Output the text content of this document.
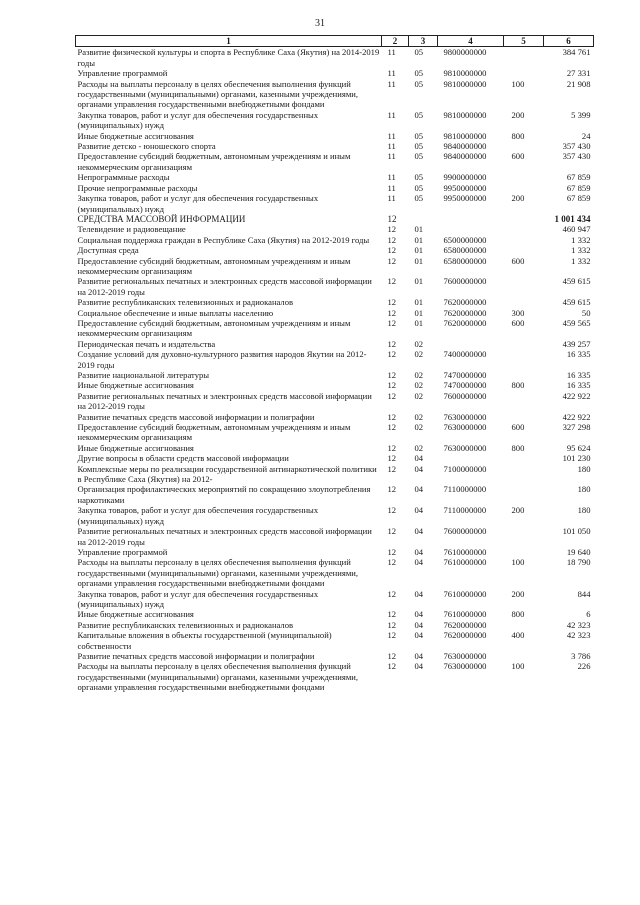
31
1	2	3	4	5	6
Развитие физической культуры и спорта в Республике Саха (Якутия) на 2014-2019 годы	11	05	9800000000		384 761
Управление программой	11	05	9810000000		27 331
Расходы на выплаты персоналу в целях обеспечения выполнения функций государственными (муниципальными) органами, казенными учреждениями, органами управления государственными внебюджетными фондами	11	05	9810000000	100	21 908
Закупка товаров, работ и услуг для обеспечения государственных (муниципальных) нужд	11	05	9810000000	200	5 399
Иные бюджетные ассигнования	11	05	9810000000	800	24
Развитие детско - юношеского спорта	11	05	9840000000		357 430
Предоставление субсидий бюджетным, автономным учреждениям и иным некоммерческим организациям	11	05	9840000000	600	357 430
Непрограммные расходы	11	05	9900000000		67 859
Прочие непрограммные расходы	11	05	9950000000		67 859
Закупка товаров, работ и услуг для обеспечения государственных (муниципальных) нужд	11	05	9950000000	200	67 859
СРЕДСТВА МАССОВОЙ ИНФОРМАЦИИ	12				1 001 434
Телевидение и радиовещание	12	01			460 947
Социальная поддержка граждан в Республике Саха (Якутия) на 2012-2019 годы	12	01	6500000000		1 332
Доступная среда	12	01	6580000000		1 332
Предоставление субсидий бюджетным, автономным учреждениям и иным некоммерческим организациям	12	01	6580000000	600	1 332
Развитие региональных печатных и электронных средств массовой информации на 2012-2019 годы	12	01	7600000000		459 615
Развитие республиканских телевизионных и радиоканалов	12	01	7620000000		459 615
Социальное обеспечение и иные выплаты населению	12	01	7620000000	300	50
Предоставление субсидий бюджетным, автономным учреждениям и иным некоммерческим организациям	12	01	7620000000	600	459 565
Периодическая печать и издательства	12	02			439 257
Создание условий для духовно-культурного развития народов Якутии на 2012-2019 годы	12	02	7400000000		16 335
Развитие национальной литературы	12	02	7470000000		16 335
Иные бюджетные ассигнования	12	02	7470000000	800	16 335
Развитие региональных печатных и электронных средств массовой информации на 2012-2019 годы	12	02	7600000000		422 922
Развитие печатных средств массовой информации и полиграфии	12	02	7630000000		422 922
Предоставление субсидий бюджетным, автономным учреждениям и иным некоммерческим организациям	12	02	7630000000	600	327 298
Иные бюджетные ассигнования	12	02	7630000000	800	95 624
Другие вопросы в области средств массовой информации	12	04			101 230
Комплексные меры по реализации государственной антинаркотической политики в Республике Саха (Якутия) на 2012-	12	04	7100000000		180
Организация профилактических мероприятий по сокращению злоупотребления наркотиками	12	04	7110000000		180
Закупка товаров, работ и услуг для обеспечения государственных (муниципальных) нужд	12	04	7110000000	200	180
Развитие региональных печатных и электронных средств массовой информации на 2012-2019 годы	12	04	7600000000		101 050
Управление программой	12	04	7610000000		19 640
Расходы на выплаты персоналу в целях обеспечения выполнения функций государственными (муниципальными) органами, казенными учреждениями, органами управления государственными внебюджетными фондами	12	04	7610000000	100	18 790
Закупка товаров, работ и услуг для обеспечения государственных (муниципальных) нужд	12	04	7610000000	200	844
Иные бюджетные ассигнования	12	04	7610000000	800	6
Развитие республиканских телевизионных и радиоканалов	12	04	7620000000		42 323
Капитальные вложения в объекты государственной (муниципальной) собственности	12	04	7620000000	400	42 323
Развитие печатных средств массовой информации и полиграфии	12	04	7630000000		3 786
Расходы на выплаты персоналу в целях обеспечения выполнения функций государственными (муниципальными) органами, казенными учреждениями, органами управления государственными внебюджетными фондами	12	04	7630000000	100	226
